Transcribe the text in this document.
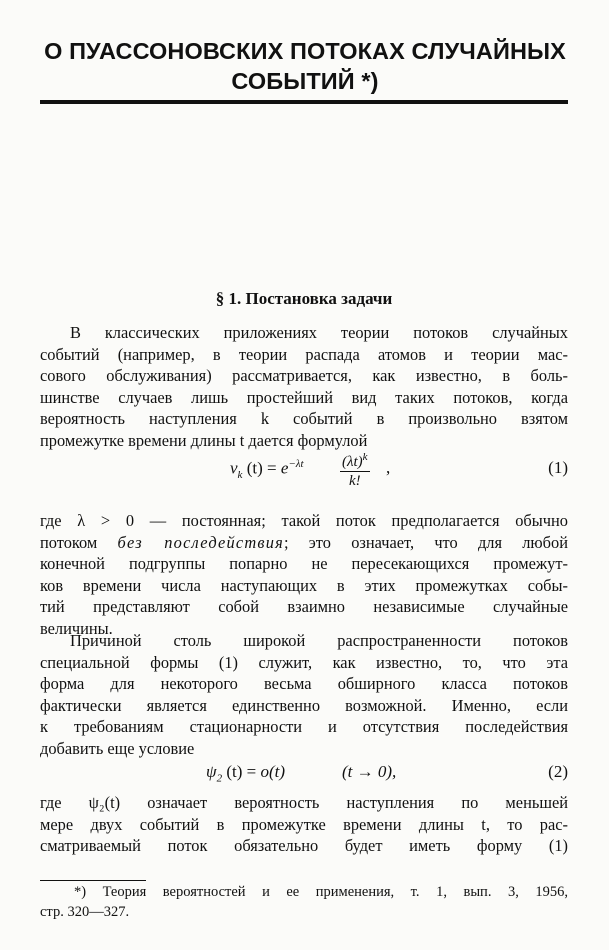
О ПУАССОНОВСКИХ ПОТОКАХ СЛУЧАЙНЫХ
СОБЫТИЙ *)
§ 1. Постановка задачи
В классических приложениях теории потоков случайных
событий (например, в теории распада атомов и теории мас-
сового обслуживания) рассматривается, как известно, в боль-
шинстве случаев лишь простейший вид таких потоков, когда
вероятность наступления k событий в произвольно взятом
промежутке времени длины t дается формулой
$v_k$ $(t) = e^{-\lambda t}$	$(\lambda t)^k$
k!
,	(1)
где λ > 0 — постоянная; такой поток предполагается обычно
потоком без последействия; это означает, что для любой
конечной подгруппы попарно не пересекающихся промежут-
ков времени числа наступающих в этих промежутках собы-
тий представляют собой взаимно независимые случайные
величины.
Причиной столь широкой распространенности потоков
специальной формы (1) служит, как известно, то, что эта
форма для некоторого весьма обширного класса потоков
фактически является единственно возможной. Именно, если
к требованиям стационарности и отсутствия последействия
добавить еще условие
$\psi_2$ (t) = o(t)	(t → 0),	(2)
где ψ₂(t) означает вероятность наступления по меньшей
мере двух событий в промежутке времени длины t, то рас-
сматриваемый поток обязательно будет иметь форму (1)
*) Теория вероятностей и ее применения, т. 1, вып. 3, 1956,
стр. 320—327.
